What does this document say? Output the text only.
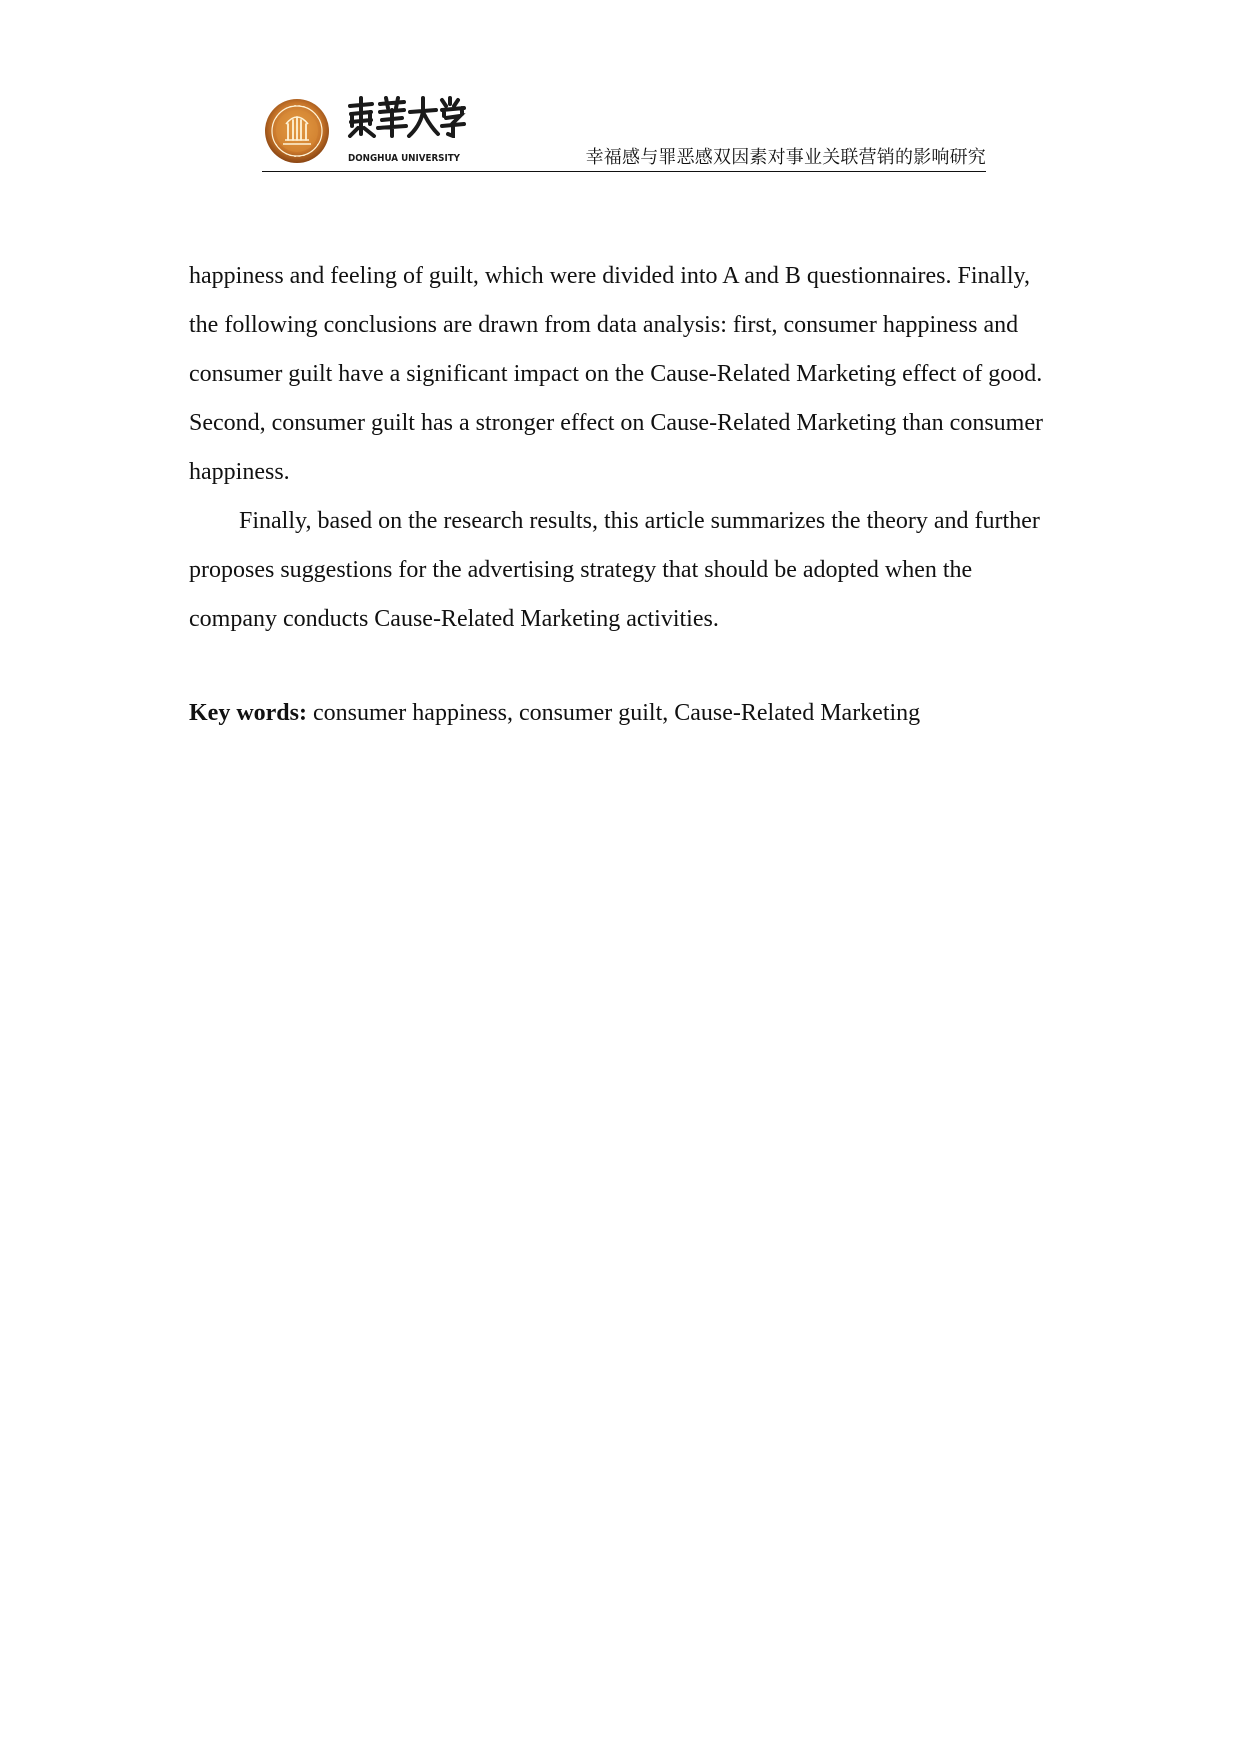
DONGHUA UNIVERSITY	幸福感与罪恶感双因素对事业关联营销的影响研究

happiness and feeling of guilt, which were divided into A and B questionnaires. Finally, the following conclusions are drawn from data analysis: first, consumer happiness and consumer guilt have a significant impact on the Cause-Related Marketing effect of good. Second, consumer guilt has a stronger effect on Cause-Related Marketing than consumer happiness.

Finally, based on the research results, this article summarizes the theory and further proposes suggestions for the advertising strategy that should be adopted when the company conducts Cause-Related Marketing activities.

Key words: consumer happiness, consumer guilt, Cause-Related Marketing
